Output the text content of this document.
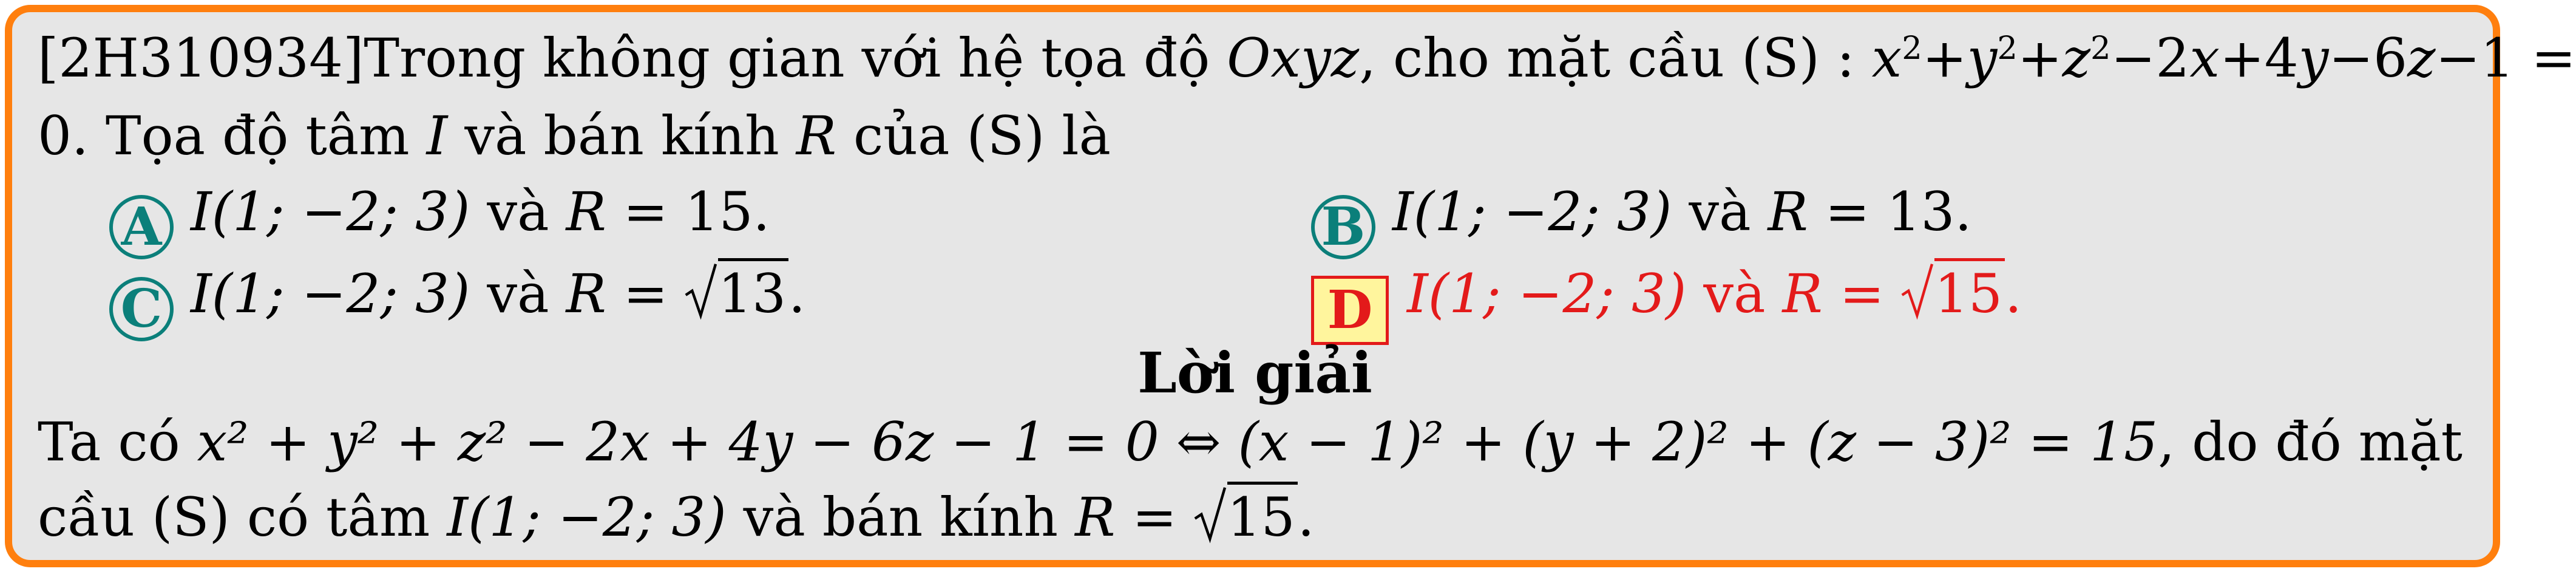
[2H310934]Trong không gian với hệ tọa độ Oxyz, cho mặt cầu (S) : $x^2+y^2+z^2-2x+4y-6z-1$ =
0. Tọa độ tâm I và bán kính R của (S) là
A I(1; −2; 3) và R = 15.	B I(1; −2; 3) và R = 13.
C I(1; −2; 3) và R = 13.	D I(1; −2; 3) và R = 15.
Lời giải
Ta có x² + y² + z² − 2x + 4y − 6z − 1 = 0 ⇔ (x − 1)² + (y + 2)² + (z − 3)² = 15, do đó mặt
cầu (S) có tâm I(1; −2; 3) và bán kính R = 15.
